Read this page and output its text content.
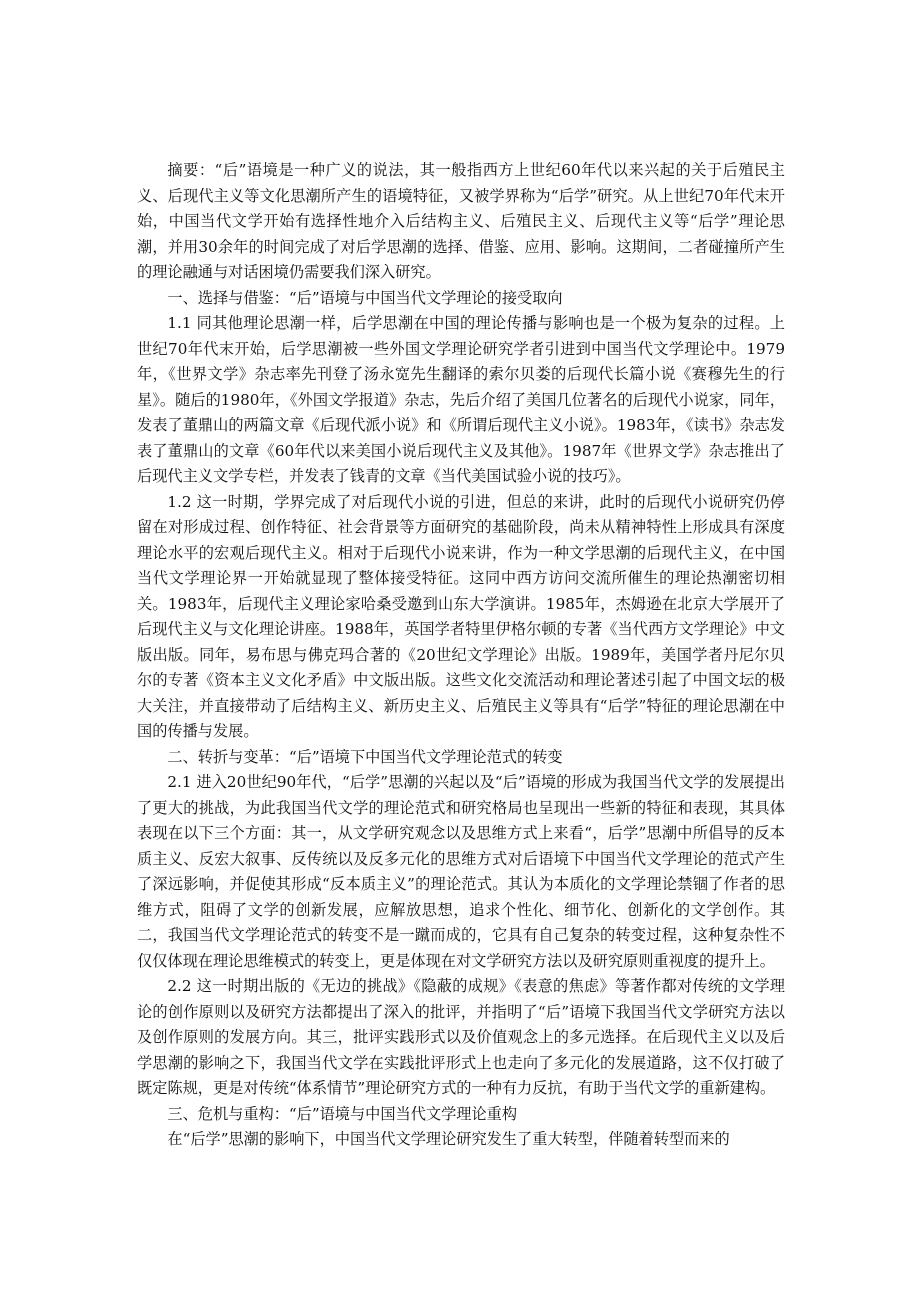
摘要：“后”语境是一种广义的说法，其一般指西方上世纪60年代以来兴起的关于后殖民主义、后现代主义等文化思潮所产生的语境特征，又被学界称为“后学”研究。从上世纪70年代末开始，中国当代文学开始有选择性地介入后结构主义、后殖民主义、后现代主义等“后学”理论思潮，并用30余年的时间完成了对后学思潮的选择、借鉴、应用、影响。这期间，二者碰撞所产生的理论融通与对话困境仍需要我们深入研究。

一、选择与借鉴：“后”语境与中国当代文学理论的接受取向

1.1 同其他理论思潮一样，后学思潮在中国的理论传播与影响也是一个极为复杂的过程。上世纪70年代末开始，后学思潮被一些外国文学理论研究学者引进到中国当代文学理论中。1979年，《世界文学》杂志率先刊登了汤永宽先生翻译的索尔贝娄的后现代长篇小说《赛穆先生的行星》。随后的1980年，《外国文学报道》杂志，先后介绍了美国几位著名的后现代小说家，同年，发表了董鼎山的两篇文章《后现代派小说》和《所谓后现代主义小说》。1983年，《读书》杂志发表了董鼎山的文章《60年代以来美国小说后现代主义及其他》。1987年《世界文学》杂志推出了后现代主义文学专栏，并发表了钱青的文章《当代美国试验小说的技巧》。

1.2 这一时期，学界完成了对后现代小说的引进，但总的来讲，此时的后现代小说研究仍停留在对形成过程、创作特征、社会背景等方面研究的基础阶段，尚未从精神特性上形成具有深度理论水平的宏观后现代主义。相对于后现代小说来讲，作为一种文学思潮的后现代主义，在中国当代文学理论界一开始就显现了整体接受特征。这同中西方访问交流所催生的理论热潮密切相关。1983年，后现代主义理论家哈桑受邀到山东大学演讲。1985年，杰姆逊在北京大学展开了后现代主义与文化理论讲座。1988年，英国学者特里伊格尔顿的专著《当代西方文学理论》中文版出版。同年，易布思与佛克玛合著的《20世纪文学理论》出版。1989年，美国学者丹尼尔贝尔的专著《资本主义文化矛盾》中文版出版。这些文化交流活动和理论著述引起了中国文坛的极大关注，并直接带动了后结构主义、新历史主义、后殖民主义等具有“后学”特征的理论思潮在中国的传播与发展。

二、转折与变革：“后”语境下中国当代文学理论范式的转变

2.1 进入20世纪90年代，“后学”思潮的兴起以及“后”语境的形成为我国当代文学的发展提出了更大的挑战，为此我国当代文学的理论范式和研究格局也呈现出一些新的特征和表现，其具体表现在以下三个方面：其一，从文学研究观念以及思维方式上来看“，后学”思潮中所倡导的反本质主义、反宏大叙事、反传统以及反多元化的思维方式对后语境下中国当代文学理论的范式产生了深远影响，并促使其形成“反本质主义”的理论范式。其认为本质化的文学理论禁锢了作者的思维方式，阻碍了文学的创新发展，应解放思想，追求个性化、细节化、创新化的文学创作。其二，我国当代文学理论范式的转变不是一蹴而成的，它具有自己复杂的转变过程，这种复杂性不仅仅体现在理论思维模式的转变上，更是体现在对文学研究方法以及研究原则重视度的提升上。

2.2 这一时期出版的《无边的挑战》《隐蔽的成规》《表意的焦虑》等著作都对传统的文学理论的创作原则以及研究方法都提出了深入的批评，并指明了“后”语境下我国当代文学研究方法以及创作原则的发展方向。其三，批评实践形式以及价值观念上的多元选择。在后现代主义以及后学思潮的影响之下，我国当代文学在实践批评形式上也走向了多元化的发展道路，这不仅打破了既定陈规，更是对传统“体系情节”理论研究方式的一种有力反抗，有助于当代文学的重新建构。

三、危机与重构：“后”语境与中国当代文学理论重构

在“后学”思潮的影响下，中国当代文学理论研究发生了重大转型，伴随着转型而来的
